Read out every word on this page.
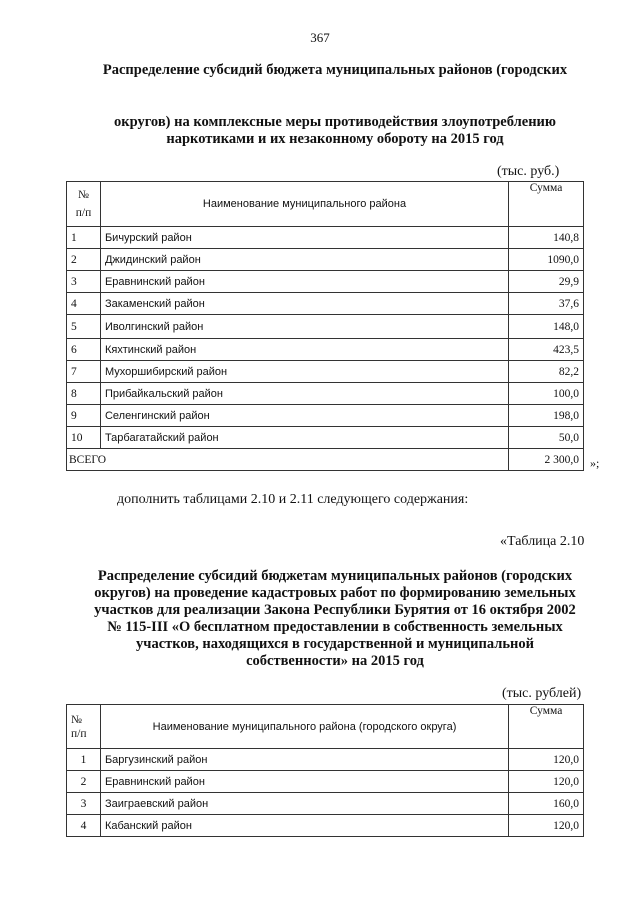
367
Распределение субсидий бюджета муниципальных районов (городских
округов) на комплексные меры противодействия злоупотреблению
наркотиками и их незаконному обороту на 2015 год
(тыс. руб.)
№
п/п	Наименование муниципального района	Сумма
1	Бичурский район	140,8
2	Джидинский район	1090,0
3	Еравнинский район	29,9
4	Закаменский район	37,6
5	Иволгинский район	148,0
6	Кяхтинский район	423,5
7	Мухоршибирский район	82,2
8	Прибайкальский район	100,0
9	Селенгинский район	198,0
10	Тарбагатайский район	50,0
ВСЕГО		2 300,0 »;
дополнить таблицами 2.10 и 2.11 следующего содержания:
«Таблица 2.10
Распределение субсидий бюджетам муниципальных районов (городских
округов) на проведение кадастровых работ по формированию земельных
участков для реализации Закона Республики Бурятия от 16 октября 2002
№ 115-III «О бесплатном предоставлении в собственность земельных
участков, находящихся в государственной и муниципальной
собственности» на 2015 год
(тыс. рублей)
№
п/п	Наименование муниципального района (городского округа)	Сумма
1	Баргузинский район	120,0
2	Еравнинский район	120,0
3	Заиграевский район	160,0
4	Кабанский район	120,0
